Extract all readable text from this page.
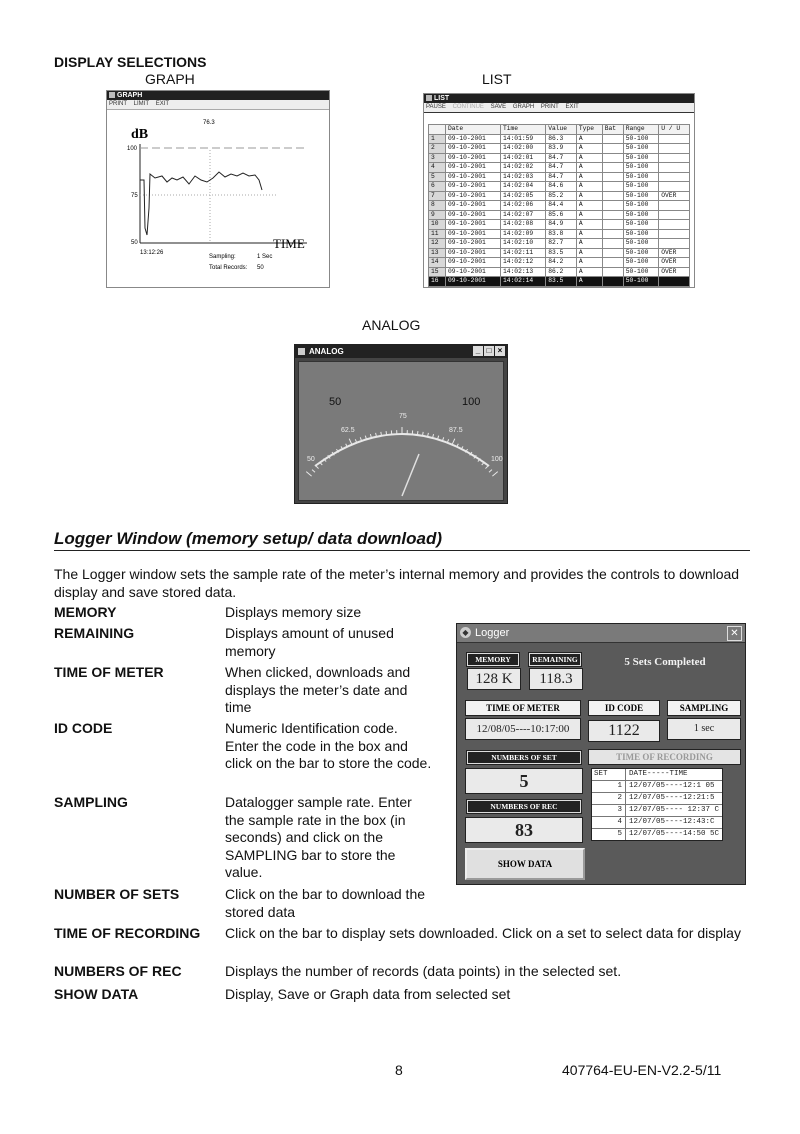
DISPLAY SELECTIONS
GRAPH	LIST
GRAPH
PRINT LIMIT EXIT
76.3
dB
100
75
50
13:12:26
TIME
Sampling:	1 Sec
Total Records: 50
LIST
PAUSE CONTINUE SAVE GRAPH PRINT EXIT
	Date	Time	Value	Type	Bat	Range	U / U
1	09-10-2001	14:01:59	86.3	A		50-100	
2	09-10-2001	14:02:00	83.9	A		50-100	
3	09-10-2001	14:02:01	84.7	A		50-100	
4	09-10-2001	14:02:02	84.7	A		50-100	
5	09-10-2001	14:02:03	84.7	A		50-100	
6	09-10-2001	14:02:04	84.6	A		50-100	
7	09-10-2001	14:02:05	85.2	A		50-100	OVER
8	09-10-2001	14:02:06	84.4	A		50-100	
9	09-10-2001	14:02:07	85.6	A		50-100	
10	09-10-2001	14:02:08	84.9	A		50-100	
11	09-10-2001	14:02:09	83.8	A		50-100	
12	09-10-2001	14:02:10	82.7	A		50-100	
13	09-10-2001	14:02:11	83.5	A		50-100	OVER
14	09-10-2001	14:02:12	84.2	A		50-100	OVER
15	09-10-2001	14:02:13	86.2	A		50-100	OVER
16	09-10-2001	14:02:14	83.5	A		50-100	
ANALOG
ANALOG	_ □ ×
50	100
50
62.5
75
87.5
100
Logger Window (memory setup/ data download)
The Logger window sets the sample rate of the meter’s internal memory and provides the controls to download display and save stored data.
MEMORY	Displays memory size
REMAINING	Displays amount of unused memory
TIME OF METER	When clicked, downloads and displays the meter’s date and time
ID CODE	Numeric Identification code. Enter the code in the box and click on the bar to store the code.
SAMPLING	Datalogger sample rate. Enter the sample rate in the box (in seconds) and click on the SAMPLING bar to store the value.
NUMBER OF SETS	Click on the bar to download the stored data
TIME OF RECORDING Click on the bar to display sets downloaded. Click on a set to select data for display
NUMBERS OF REC	Displays the number of records (data points) in the selected set.
SHOW DATA	Display, Save or Graph data from selected set
◆ Logger	✕
MEMORY
128 K
REMAINING
118.3
5 Sets Completed
TIME OF METER
12/08/05----10:17:00
ID CODE
1122
SAMPLING
1 sec
NUMBERS OF SET
5
TIME OF RECORDING
SET	DATE-----TIME
1 12/07/05----12:1 05
2 12/07/05----12:21:5
3 12/07/05---- 12:37 C
4 12/07/05----12:43:C
5 12/07/05----14:50 5C
NUMBERS OF REC
83
SHOW DATA
8	407764-EU-EN-V2.2-5/11
